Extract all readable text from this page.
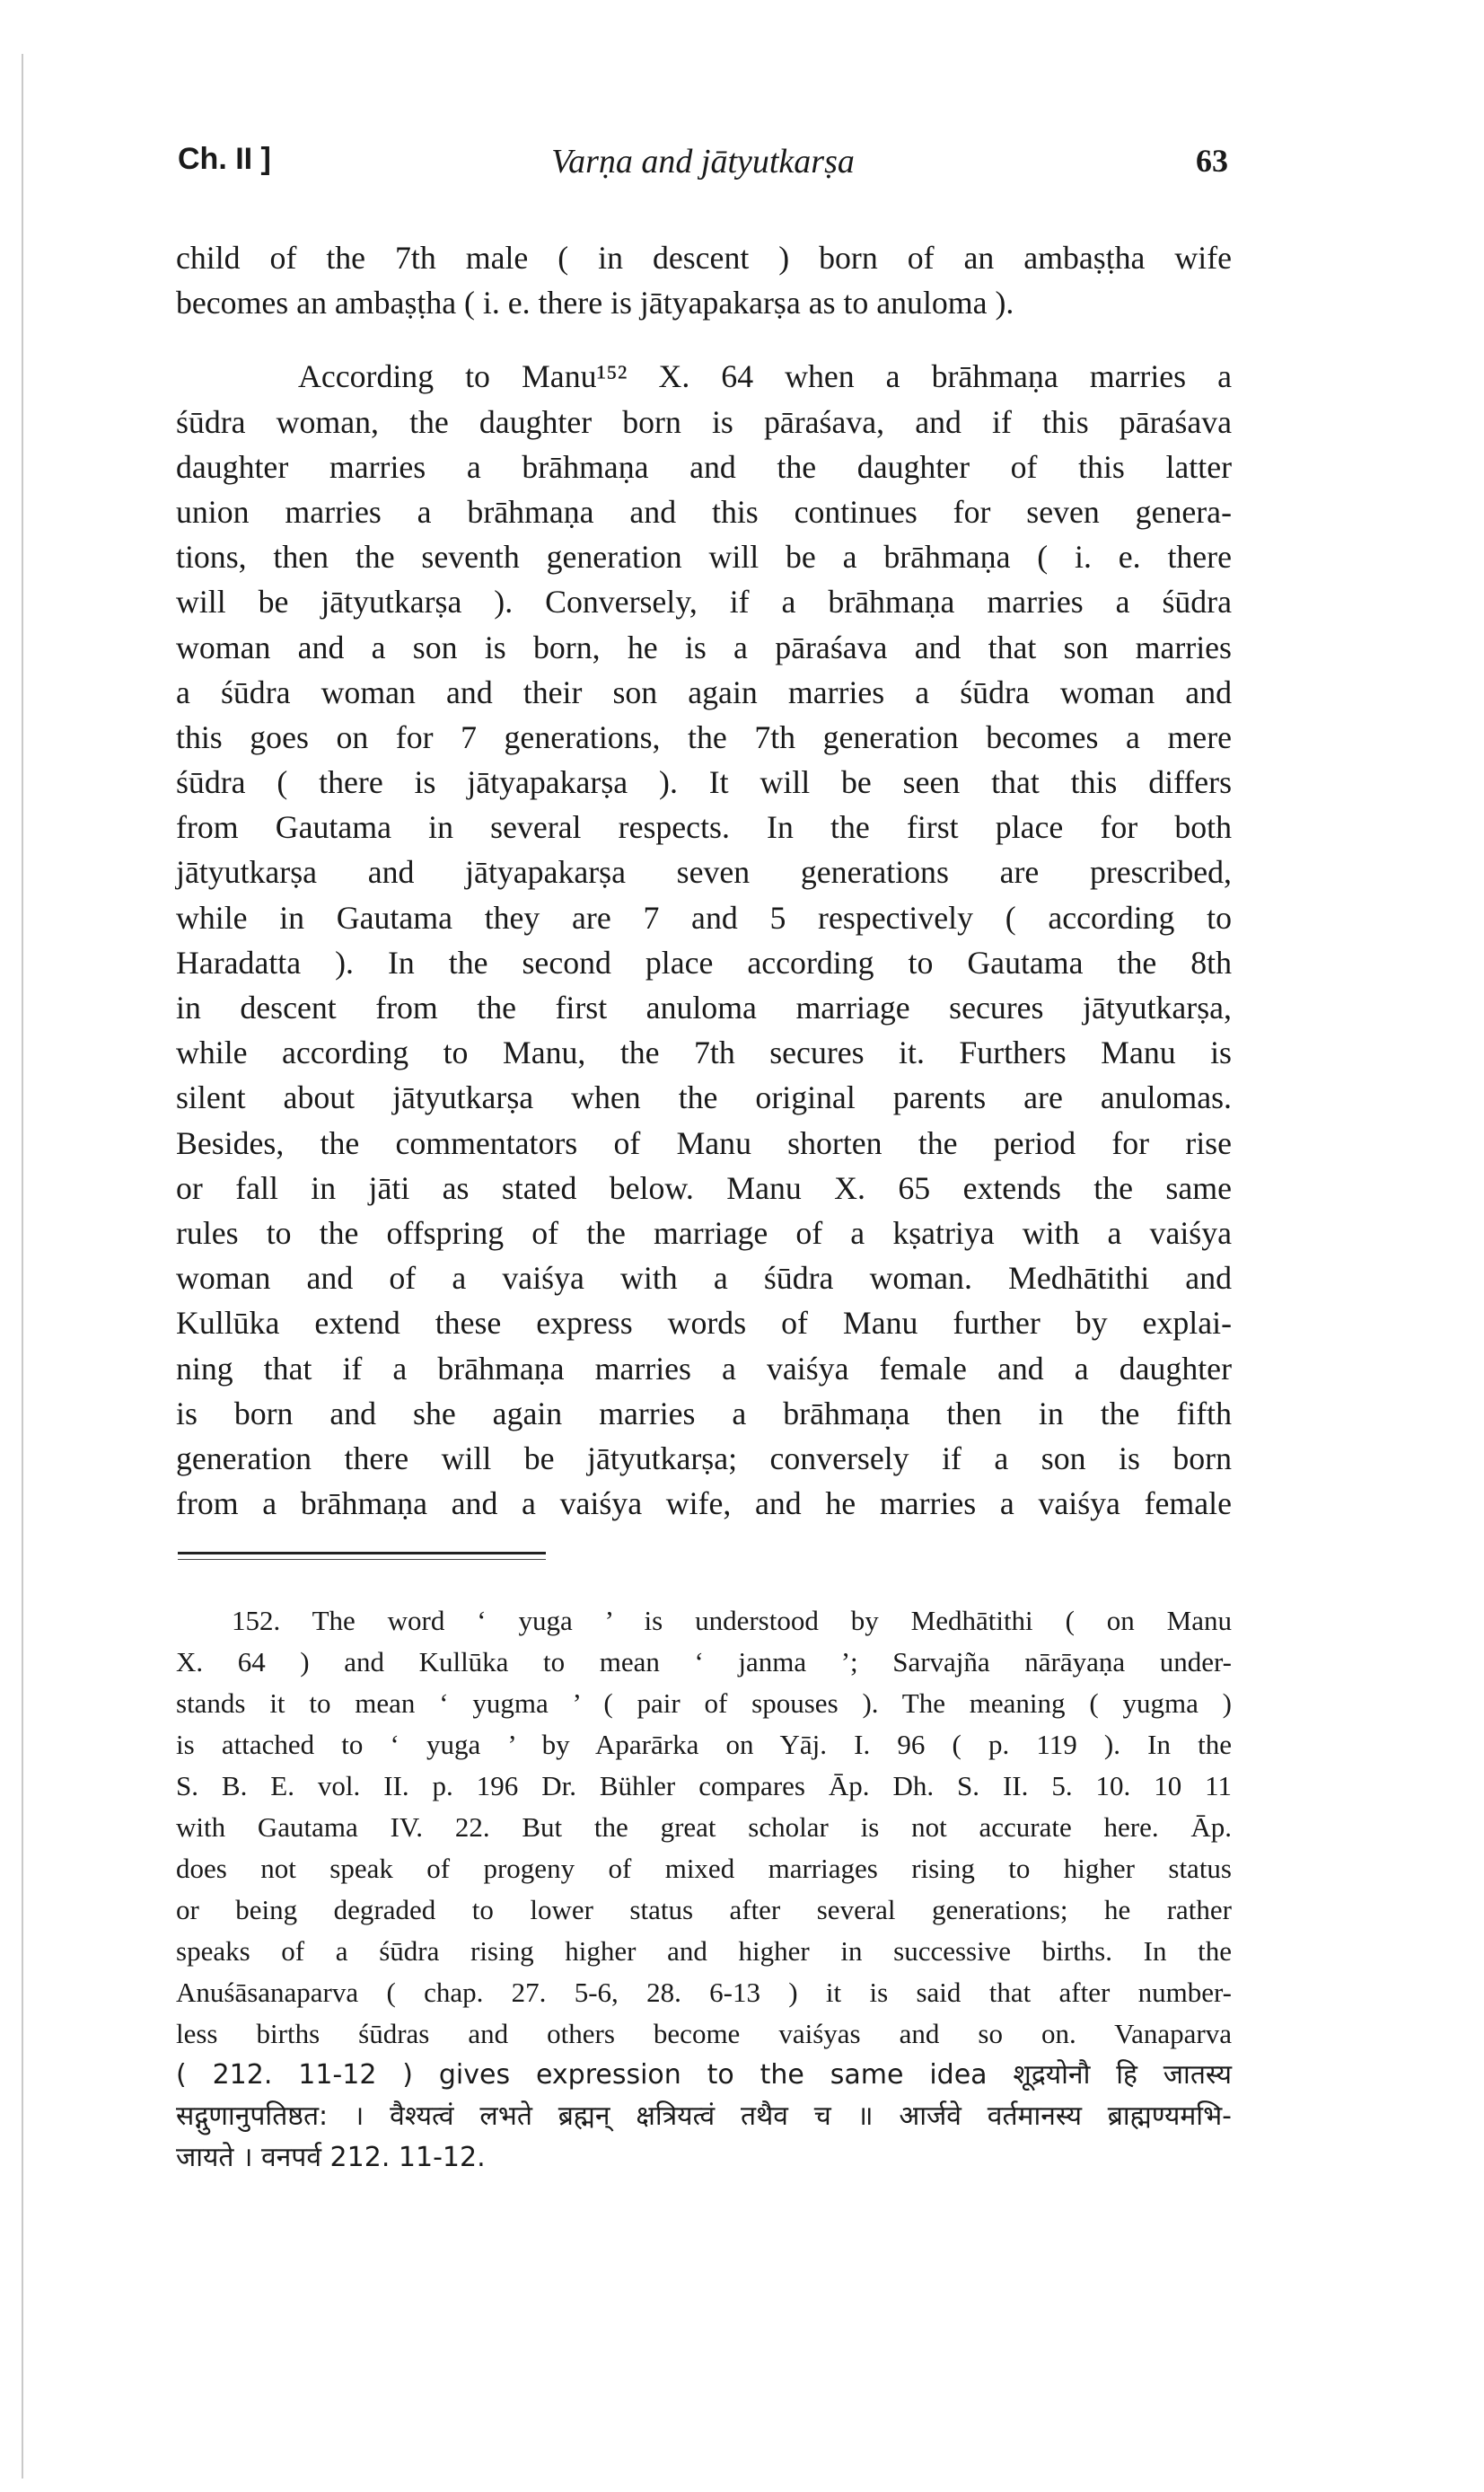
Ch. II ]	Varṇa and jātyutkarṣa	63
child of the 7th male ( in descent ) born of an ambaṣṭha wife
becomes an ambaṣṭha ( i. e. there is jātyapakarṣa as to anuloma ).
According to Manu¹⁵² X. 64 when a brāhmaṇa marries a
śūdra woman, the daughter born is pāraśava, and if this pāraśava
daughter marries a brāhmaṇa and the daughter of this latter
union marries a brāhmaṇa and this continues for seven genera-
tions, then the seventh generation will be a brāhmaṇa ( i. e. there
will be jātyutkarṣa ). Conversely, if a brāhmaṇa marries a śūdra
woman and a son is born, he is a pāraśava and that son marries
a śūdra woman and their son again marries a śūdra woman and
this goes on for 7 generations, the 7th generation becomes a mere
śūdra ( there is jātyapakarṣa ). It will be seen that this differs
from Gautama in several respects. In the first place for both
jātyutkarṣa and jātyapakarṣa seven generations are prescribed,
while in Gautama they are 7 and 5 respectively ( according to
Haradatta ). In the second place according to Gautama the 8th
in descent from the first anuloma marriage secures jātyutkarṣa,
while according to Manu, the 7th secures it. Furthers Manu is
silent about jātyutkarṣa when the original parents are anulomas.
Besides, the commentators of Manu shorten the period for rise
or fall in jāti as stated below. Manu X. 65 extends the same
rules to the offspring of the marriage of a kṣatriya with a vaiśya
woman and of a vaiśya with a śūdra woman. Medhātithi and
Kullūka extend these express words of Manu further by explai-
ning that if a brāhmaṇa marries a vaiśya female and a daughter
is born and she again marries a brāhmaṇa then in the fifth
generation there will be jātyutkarṣa; conversely if a son is born
from a brāhmaṇa and a vaiśya wife, and he marries a vaiśya female
152. The word ‘ yuga ’ is understood by Medhātithi ( on Manu
X. 64 ) and Kullūka to mean ‘ janma ’; Sarvajña nārāyaṇa under-
stands it to mean ‘ yugma ’ ( pair of spouses ). The meaning ( yugma )
is attached to ‘ yuga ’ by Aparārka on Yāj. I. 96 ( p. 119 ). In the
S. B. E. vol. II. p. 196 Dr. Bühler compares Āp. Dh. S. II. 5. 10. 10 11
with Gautama IV. 22. But the great scholar is not accurate here. Āp.
does not speak of progeny of mixed marriages rising to higher status
or being degraded to lower status after several generations; he rather
speaks of a śūdra rising higher and higher in successive births. In the
Anuśāsanaparva ( chap. 27. 5-6, 28. 6-13 ) it is said that after number-
less births śūdras and others become vaiśyas and so on. Vanaparva
( 212. 11-12 ) gives expression to the same idea शूद्रयोनौ हि जातस्य
सद्गुणानुपतिष्ठत: । वैश्यत्वं लभते ब्रह्मन् क्षत्रियत्वं तथैव च ॥ आर्जवे वर्तमानस्य ब्राह्मण्यमभि-
जायते । वनपर्व 212. 11-12.
